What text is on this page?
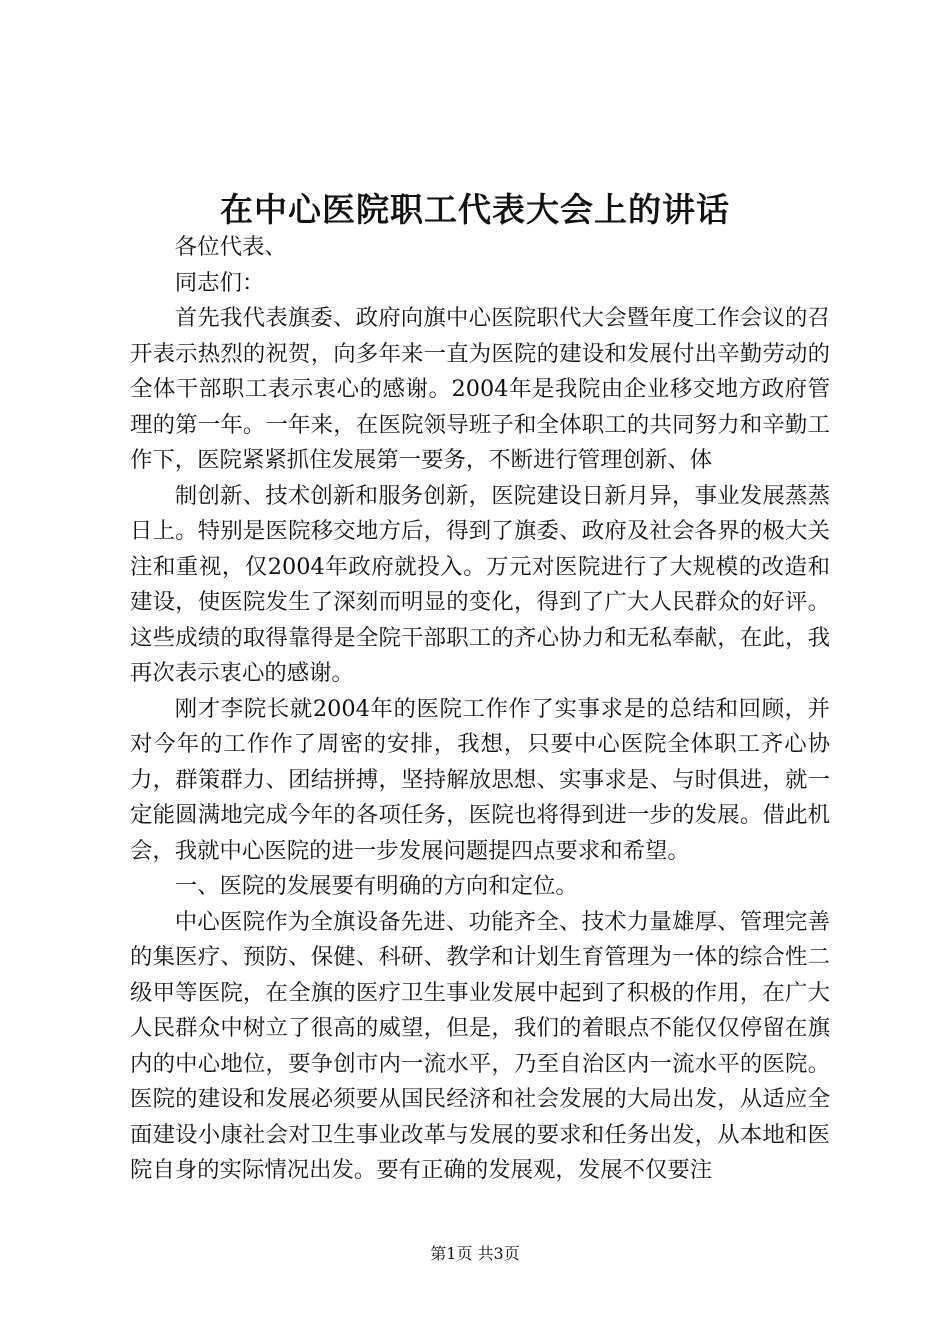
在中心医院职工代表大会上的讲话

各位代表、

同志们：

首先我代表旗委、政府向旗中心医院职代大会暨年度工作会议的召开表示热烈的祝贺，向多年来一直为医院的建设和发展付出辛勤劳动的全体干部职工表示衷心的感谢。2004年是我院由企业移交地方政府管理的第一年。一年来，在医院领导班子和全体职工的共同努力和辛勤工作下，医院紧紧抓住发展第一要务，不断进行管理创新、体

制创新、技术创新和服务创新，医院建设日新月异，事业发展蒸蒸日上。特别是医院移交地方后，得到了旗委、政府及社会各界的极大关注和重视，仅2004年政府就投入。万元对医院进行了大规模的改造和建设，使医院发生了深刻而明显的变化，得到了广大人民群众的好评。这些成绩的取得靠得是全院干部职工的齐心协力和无私奉献，在此，我再次表示衷心的感谢。

刚才李院长就2004年的医院工作作了实事求是的总结和回顾，并对今年的工作作了周密的安排，我想，只要中心医院全体职工齐心协力，群策群力、团结拼搏，坚持解放思想、实事求是、与时俱进，就一定能圆满地完成今年的各项任务，医院也将得到进一步的发展。借此机会，我就中心医院的进一步发展问题提四点要求和希望。

一、医院的发展要有明确的方向和定位。

中心医院作为全旗设备先进、功能齐全、技术力量雄厚、管理完善的集医疗、预防、保健、科研、教学和计划生育管理为一体的综合性二级甲等医院，在全旗的医疗卫生事业发展中起到了积极的作用，在广大人民群众中树立了很高的威望，但是，我们的着眼点不能仅仅停留在旗内的中心地位，要争创市内一流水平，乃至自治区内一流水平的医院。医院的建设和发展必须要从国民经济和社会发展的大局出发，从适应全面建设小康社会对卫生事业改革与发展的要求和任务出发，从本地和医院自身的实际情况出发。要有正确的发展观，发展不仅要注

第1页 共3页
